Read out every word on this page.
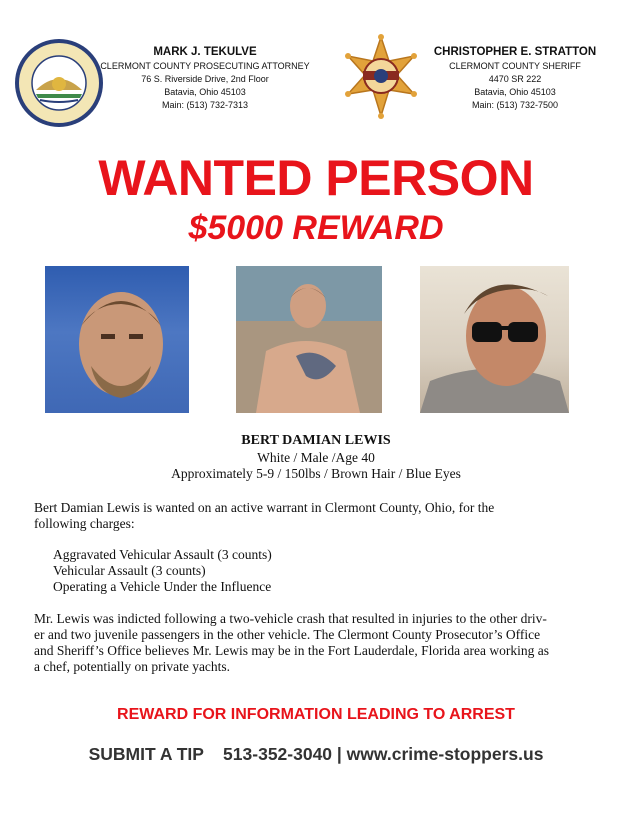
MARK J. TEKULVE
CLERMONT COUNTY PROSECUTING ATTORNEY
76 S. Riverside Drive, 2nd Floor
Batavia, Ohio 45103
Main: (513) 732-7313
CHRISTOPHER E. STRATTON
CLERMONT COUNTY SHERIFF
4470 SR 222
Batavia, Ohio 45103
Main: (513) 732-7500
WANTED PERSON
$5000 REWARD
BERT DAMIAN LEWIS
White / Male /Age 40
Approximately 5-9 / 150lbs / Brown Hair / Blue Eyes
Bert Damian Lewis is wanted on an active warrant in Clermont County, Ohio, for the
following charges:
Aggravated Vehicular Assault (3 counts)
Vehicular Assault (3 counts)
Operating a Vehicle Under the Influence
Mr. Lewis was indicted following a two-vehicle crash that resulted in injuries to the other driv-
er and two juvenile passengers in the other vehicle. The Clermont County Prosecutor’s Office
and Sheriff’s Office believes Mr. Lewis may be in the Fort Lauderdale, Florida area working as
a chef, potentially on private yachts.
REWARD FOR INFORMATION LEADING TO ARREST
SUBMIT A TIP    513-352-3040 | www.crime-stoppers.us
